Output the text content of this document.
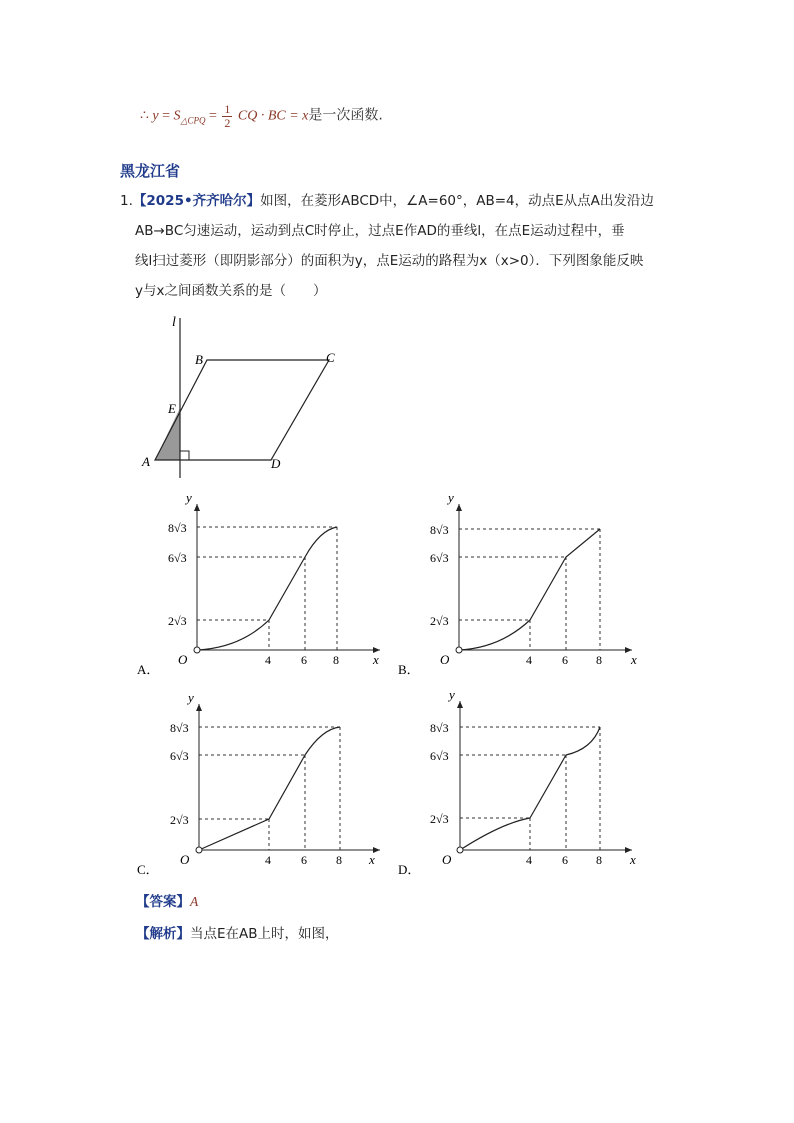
∴ $y = S_{\triangle CPQ} = \frac{1}{2}$ CQ · BC = x是一次函数.
黑龙江省
1.【2025•齐齐哈尔】如图，在菱形ABCD中，∠A=60°，AB=4，动点E从点A出发沿边
AB→BC匀速运动，运动到点C时停止，过点E作AD的垂线l，在点E运动过程中，垂
线l扫过菱形（即阴影部分）的面积为y，点E运动的路程为x（x>0）．下列图象能反映
y与x之间函数关系的是（　　）
l
B	C
E
A	D
y
x
O	4	6 8
8√3
6√3
2√3
A．
y
x
O	4	6 8
8√3
6√3
2√3
B．
y
x
O	4	6 8
8√3
6√3
2√3
C．
y
x
O	4	6 8
8√3
6√3
2√3
D．
【答案】A
【解析】当点E在AB上时，如图，
